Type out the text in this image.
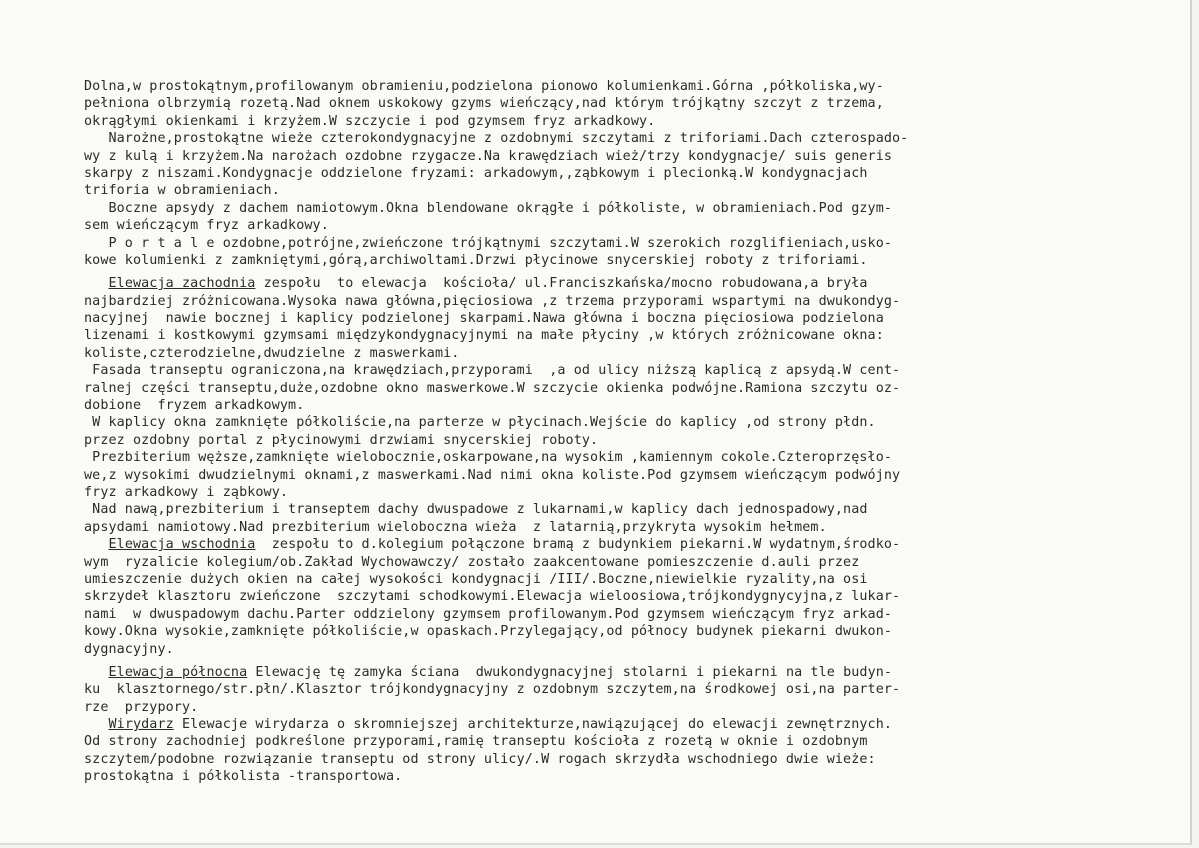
Dolna,w prostokątnym,profilowanym obramieniu,podzielona pionowo kolumienkami.Górna ,półkoliska,wy-
pełniona olbrzymią rozetą.Nad oknem uskokowy gzyms wieńczący,nad którym trójkątny szczyt z trzema,
okrągłymi okienkami i krzyżem.W szczycie i pod gzymsem fryz arkadkowy.
Narożne,prostokątne wieże czterokondygnacyjne z ozdobnymi szczytami z triforiami.Dach czterospado-
wy z kulą i krzyżem.Na narożach ozdobne rzygacze.Na krawędziach wież/trzy kondygnacje/ suis generis
skarpy z niszami.Kondygnacje oddzielone fryzami: arkadowym,,ząbkowym i plecionką.W kondygnacjach
triforia w obramieniach.
Boczne apsydy z dachem namiotowym.Okna blendowane okrągłe i półkoliste, w obramieniach.Pod gzym-
sem wieńczącym fryz arkadkowy.
P o r t a l e ozdobne,potrójne,zwieńczone trójkątnymi szczytami.W szerokich rozglifieniach,usko-
kowe kolumienki z zamkniętymi,górą,archiwoltami.Drzwi płycinowe snycerskiej roboty z triforiami.
Elewacja zachodnia zespołu  to elewacja  kościoła/ ul.Franciszkańska/mocno robudowana,a bryła
najbardziej zróżnicowana.Wysoka nawa główna,pięciosiowa ,z trzema przyporami wspartymi na dwukondyg-
nacyjnej  nawie bocznej i kaplicy podzielonej skarpami.Nawa główna i boczna pięciosiowa podzielona
lizenami i kostkowymi gzymsami międzykondygnacyjnymi na małe płyciny ,w których zróżnicowane okna:
koliste,czterodzielne,dwudzielne z maswerkami.
Fasada transeptu ograniczona,na krawędziach,przyporami  ,a od ulicy niższą kaplicą z apsydą.W cent-
ralnej części transeptu,duże,ozdobne okno maswerkowe.W szczycie okienka podwójne.Ramiona szczytu oz-
dobione  fryzem arkadkowym.
W kaplicy okna zamknięte półkoliście,na parterze w płycinach.Wejście do kaplicy ,od strony płdn.
przez ozdobny portal z płycinowymi drzwiami snycerskiej roboty.
Prezbiterium węższe,zamknięte wielobocznie,oskarpowane,na wysokim ,kamiennym cokole.Czteroprzęsło-
we,z wysokimi dwudzielnymi oknami,z maswerkami.Nad nimi okna koliste.Pod gzymsem wieńczącym podwójny
fryz arkadkowy i ząbkowy.
Nad nawą,prezbiterium i transeptem dachy dwuspadowe z lukarnami,w kaplicy dach jednospadowy,nad
apsydami namiotowy.Nad prezbiterium wieloboczna wieża  z latarnią,przykryta wysokim hełmem.
Elewacja wschodnia  zespołu to d.kolegium połączone bramą z budynkiem piekarni.W wydatnym,środko-
wym  ryzalicie kolegium/ob.Zakład Wychowawczy/ zostało zaakcentowane pomieszczenie d.auli przez
umieszczenie dużych okien na całej wysokości kondygnacji /III/.Boczne,niewielkie ryzality,na osi
skrzydeł klasztoru zwieńczone  szczytami schodkowymi.Elewacja wieloosiowa,trójkondygnycyjna,z lukar-
nami  w dwuspadowym dachu.Parter oddzielony gzymsem profilowanym.Pod gzymsem wieńczącym fryz arkad-
kowy.Okna wysokie,zamknięte półkoliście,w opaskach.Przylegający,od północy budynek piekarni dwukon-
dygnacyjny.
Elewacja północna Elewację tę zamyka ściana  dwukondygnacyjnej stolarni i piekarni na tle budyn-
ku  klasztornego/str.płn/.Klasztor trójkondygnacyjny z ozdobnym szczytem,na środkowej osi,na parter-
rze  przypory.
Wirydarz Elewacje wirydarza o skromniejszej architekturze,nawiązującej do elewacji zewnętrznych.
Od strony zachodniej podkreślone przyporami,ramię transeptu kościoła z rozetą w oknie i ozdobnym
szczytem/podobne rozwiązanie transeptu od strony ulicy/.W rogach skrzydła wschodniego dwie wieże:
prostokątna i półkolista -transportowa.
